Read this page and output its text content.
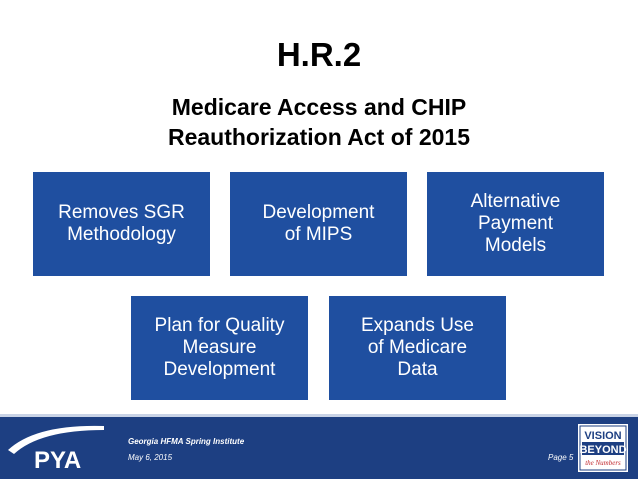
H.R.2
Medicare Access and CHIP
Reauthorization Act of 2015
Removes SGR
Methodology
Development
of MIPS
Alternative
Payment
Models
Plan for Quality
Measure
Development
Expands Use
of Medicare
Data
PYA
Georgia HFMA Spring Institute
May 6, 2015	Page 5
VISION
BEYOND
the Numbers
